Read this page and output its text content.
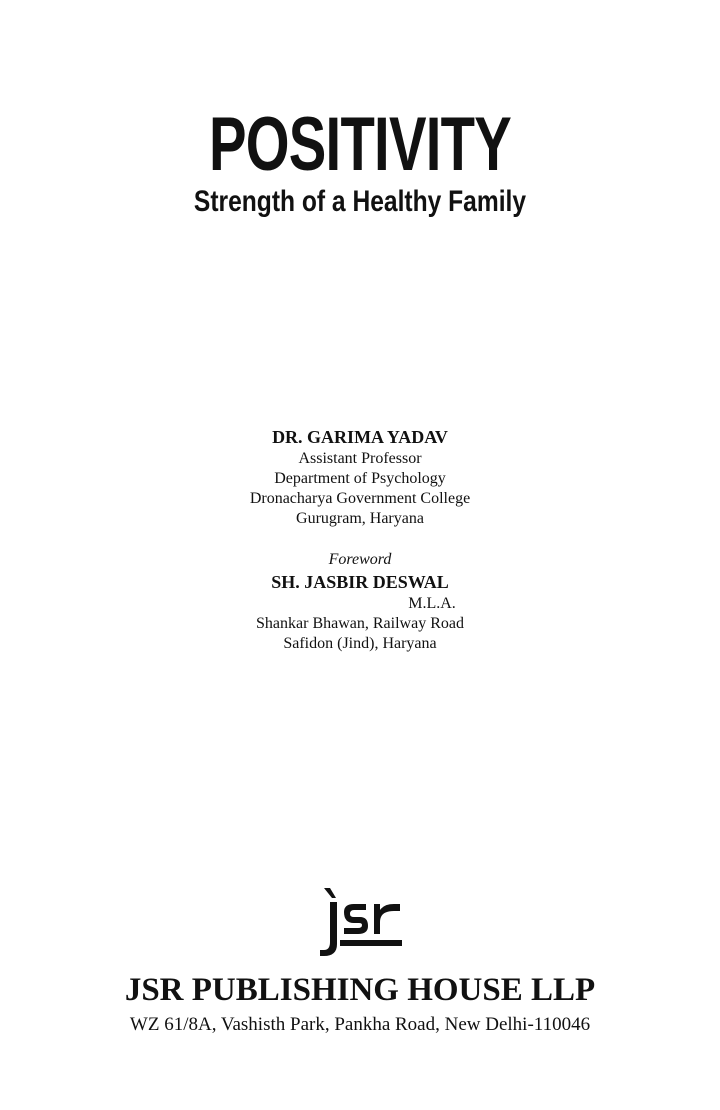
POSITIVITY
Strength of a Healthy Family
DR. GARIMA YADAV
Assistant Professor
Department of Psychology
Dronacharya Government College
Gurugram, Haryana
Foreword
SH. JASBIR DESWAL
M.L.A.
Shankar Bhawan, Railway Road
Safidon (Jind), Haryana
JSR PUBLISHING HOUSE LLP
WZ 61/8A, Vashisth Park, Pankha Road, New Delhi-110046
